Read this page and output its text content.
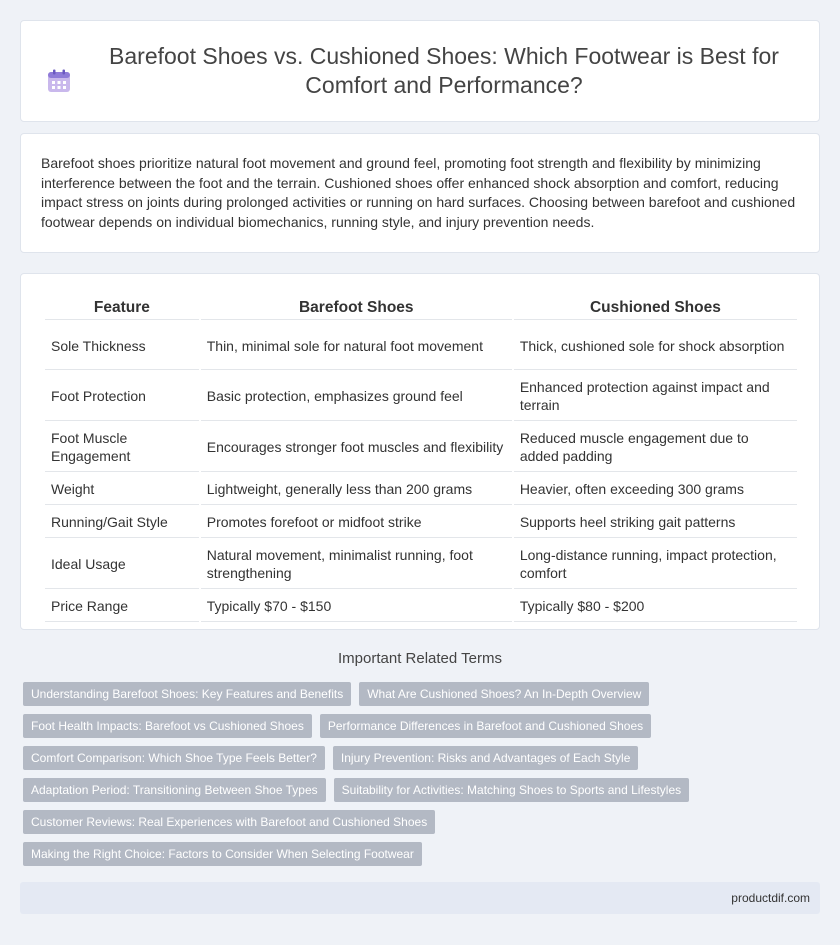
Barefoot Shoes vs. Cushioned Shoes: Which Footwear is Best for Comfort and Performance?

Barefoot shoes prioritize natural foot movement and ground feel, promoting foot strength and flexibility by minimizing interference between the foot and the terrain. Cushioned shoes offer enhanced shock absorption and comfort, reducing impact stress on joints during prolonged activities or running on hard surfaces. Choosing between barefoot and cushioned footwear depends on individual biomechanics, running style, and injury prevention needs.

Feature	Barefoot Shoes	Cushioned Shoes
Sole Thickness	Thin, minimal sole for natural foot movement	Thick, cushioned sole for shock absorption
Foot Protection	Basic protection, emphasizes ground feel	Enhanced protection against impact and terrain
Foot Muscle Engagement	Encourages stronger foot muscles and flexibility	Reduced muscle engagement due to added padding
Weight	Lightweight, generally less than 200 grams	Heavier, often exceeding 300 grams
Running/Gait Style	Promotes forefoot or midfoot strike	Supports heel striking gait patterns
Ideal Usage	Natural movement, minimalist running, foot strengthening	Long-distance running, impact protection, comfort
Price Range	Typically $70 - $150	Typically $80 - $200
Important Related Terms
Understanding Barefoot Shoes: Key Features and Benefits	What Are Cushioned Shoes? An In-Depth Overview
Foot Health Impacts: Barefoot vs Cushioned Shoes	Performance Differences in Barefoot and Cushioned Shoes
Comfort Comparison: Which Shoe Type Feels Better?	Injury Prevention: Risks and Advantages of Each Style
Adaptation Period: Transitioning Between Shoe Types	Suitability for Activities: Matching Shoes to Sports and Lifestyles
Customer Reviews: Real Experiences with Barefoot and Cushioned Shoes
Making the Right Choice: Factors to Consider When Selecting Footwear
productdif.com
